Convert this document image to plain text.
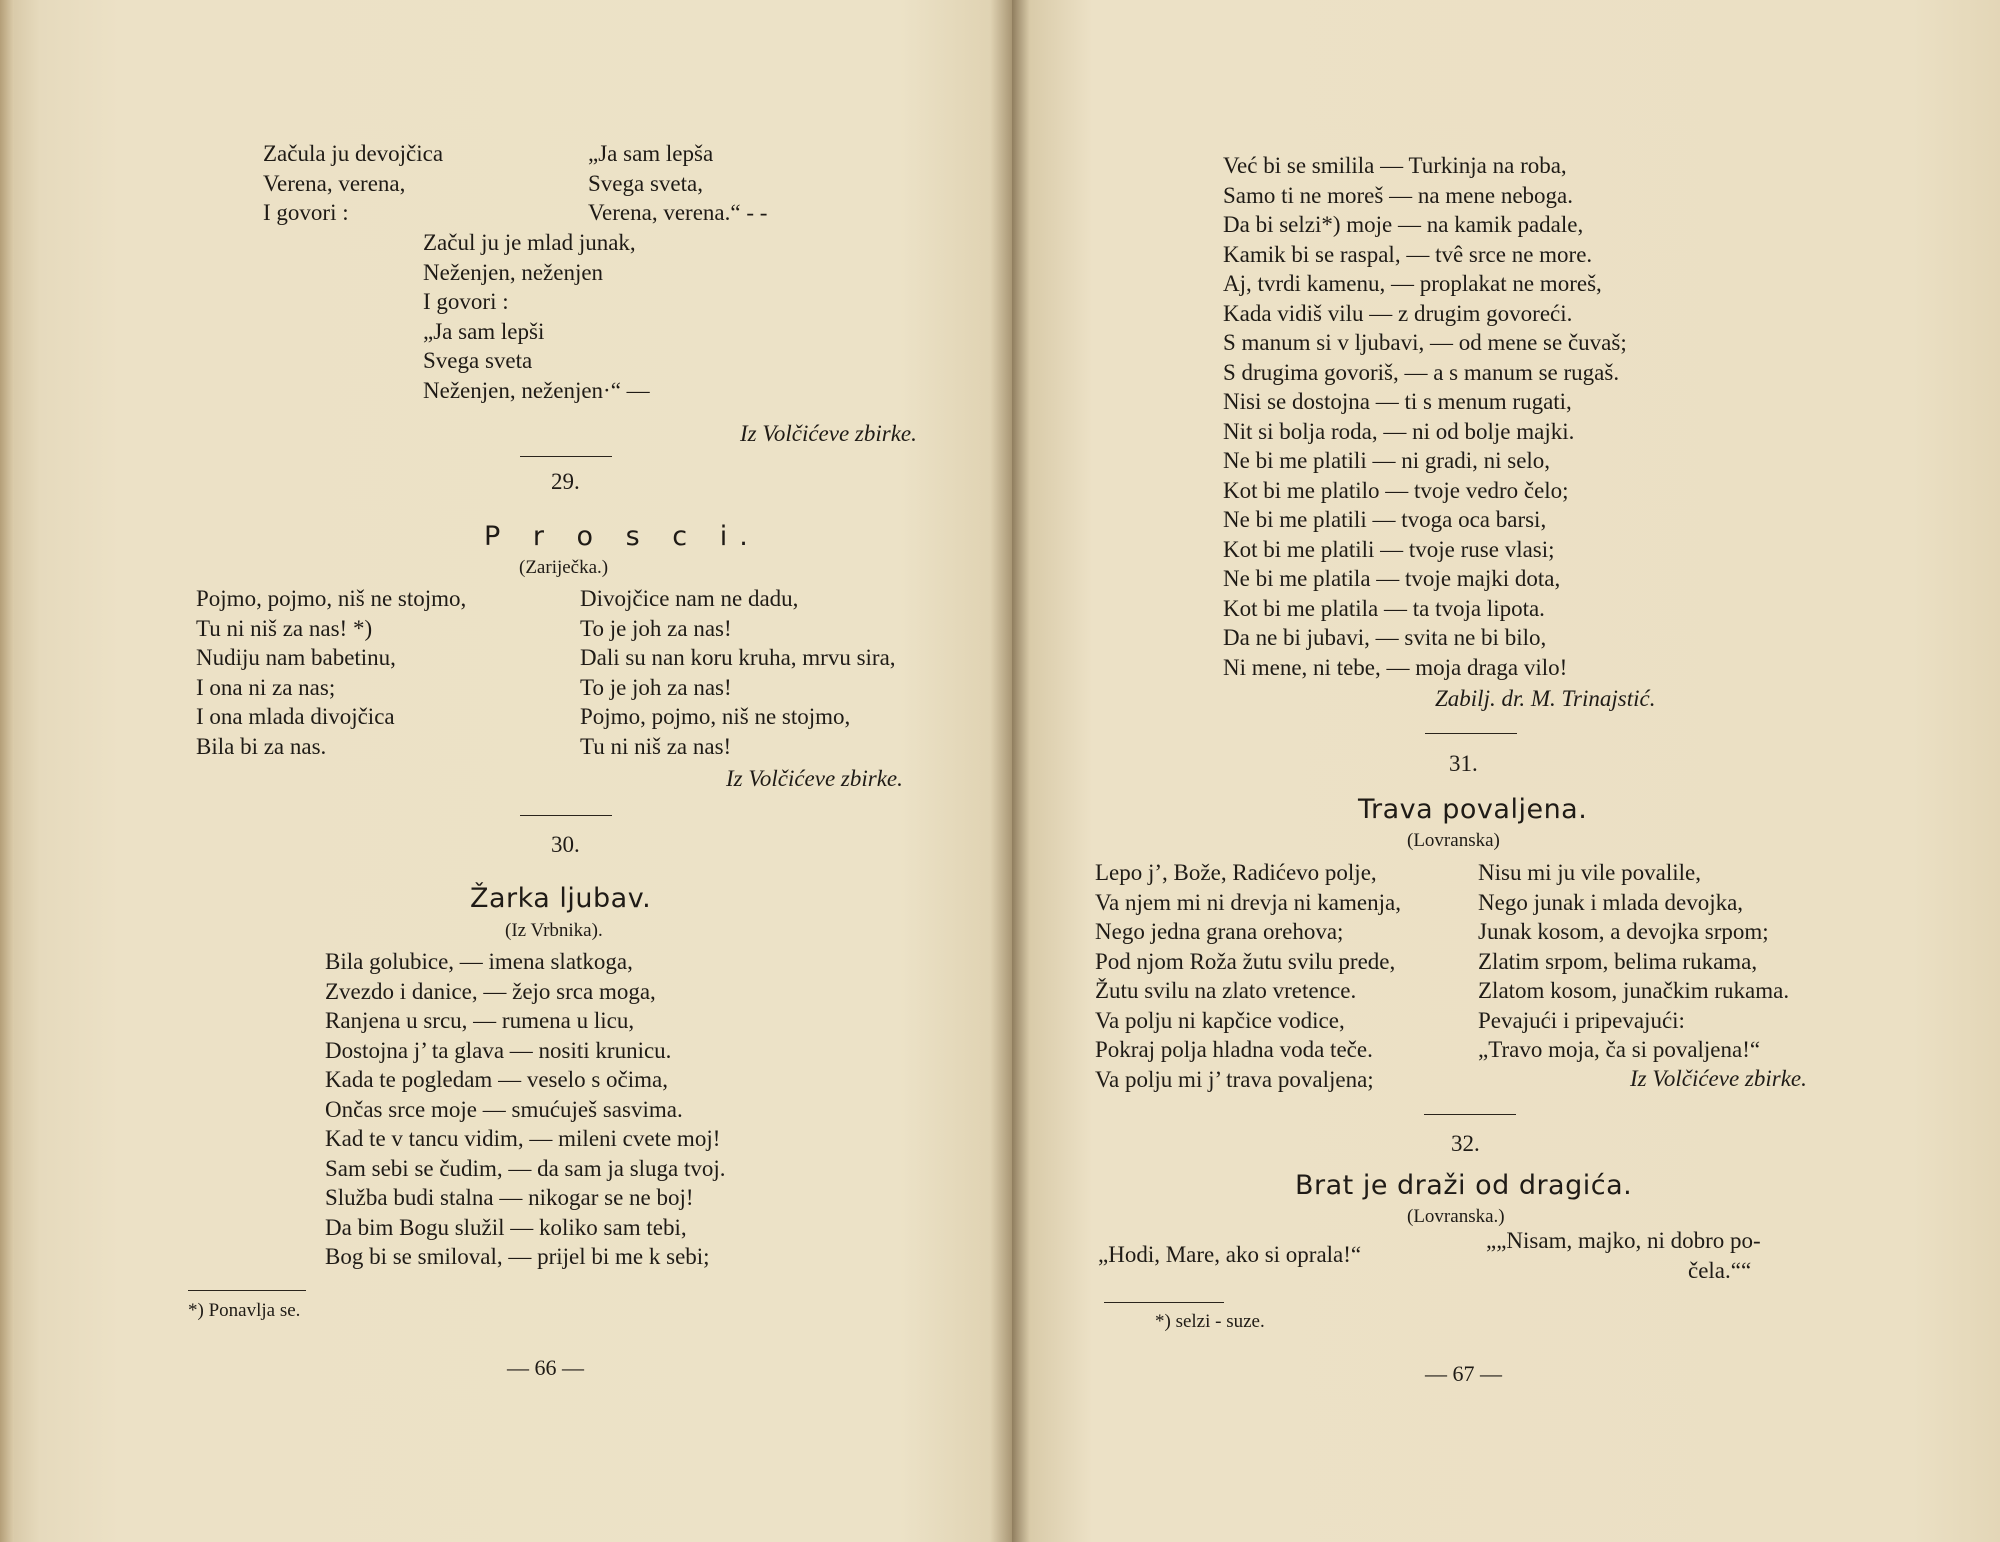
Začula ju devojčica
Verena, verena,
I govori :
„Ja sam lepša
Svega sveta,
Verena, verena.“ - -
Začul ju je mlad junak,
Neženjen, neženjen
I govori :
„Ja sam lepši
Svega sveta
Neženjen, neženjen·“ —
Iz Volčićeve zbirke.
29.
P r o s c i.
(Zariječka.)
Pojmo, pojmo, niš ne stojmo,
Tu ni niš za nas! *)
Nudiju nam babetinu,
I ona ni za nas;
I ona mlada divojčica
Bila bi za nas.
Divojčice nam ne dadu,
To je joh za nas!
Dali su nan koru kruha, mrvu sira,
To je joh za nas!
Pojmo, pojmo, niš ne stojmo,
Tu ni niš za nas!
Iz Volčićeve zbirke.
30.
Žarka ljubav.
(Iz Vrbnika).
Bila golubice, — imena slatkoga,
Zvezdo i danice, — žejo srca moga,
Ranjena u srcu, — rumena u licu,
Dostojna j’ ta glava — nositi krunicu.
Kada te pogledam — veselo s očima,
Ončas srce moje — smućuješ sasvima.
Kad te v tancu vidim, — mileni cvete moj!
Sam sebi se čudim, — da sam ja sluga tvoj.
Služba budi stalna — nikogar se ne boj!
Da bim Bogu služil — koliko sam tebi,
Bog bi se smiloval, — prijel bi me k sebi;
*) Ponavlja se.
— 66 —
Već bi se smilila — Turkinja na roba,
Samo ti ne moreš — na mene neboga.
Da bi selzi*) moje — na kamik padale,
Kamik bi se raspal, — tvê srce ne more.
Aj, tvrdi kamenu, — proplakat ne moreš,
Kada vidiš vilu — z drugim govoreći.
S manum si v ljubavi, — od mene se čuvaš;
S drugima govoriš, — a s manum se rugaš.
Nisi se dostojna — ti s menum rugati,
Nit si bolja roda, — ni od bolje majki.
Ne bi me platili — ni gradi, ni selo,
Kot bi me platilo — tvoje vedro čelo;
Ne bi me platili — tvoga oca barsi,
Kot bi me platili — tvoje ruse vlasi;
Ne bi me platila — tvoje majki dota,
Kot bi me platila — ta tvoja lipota.
Da ne bi jubavi, — svita ne bi bilo,
Ni mene, ni tebe, — moja draga vilo!
Zabilj. dr. M. Trinajstić.
31.
Trava povaljena.
(Lovranska)
Lepo j’, Bože, Radićevo polje,
Va njem mi ni drevja ni kamenja,
Nego jedna grana orehova;
Pod njom Roža žutu svilu prede,
Žutu svilu na zlato vretence.
Va polju ni kapčice vodice,
Pokraj polja hladna voda teče.
Va polju mi j’ trava povaljena;
Nisu mi ju vile povalile,
Nego junak i mlada devojka,
Junak kosom, a devojka srpom;
Zlatim srpom, belima rukama,
Zlatom kosom, junačkim rukama.
Pevajući i pripevajući:
„Travo moja, ča si povaljena!“
Iz Volčićeve zbirke.
32.
Brat je draži od dragića.
(Lovranska.)
„Hodi, Mare, ako si oprala!“
„„Nisam, majko, ni dobro po-
čela.““
*) selzi - suze.
— 67 —
